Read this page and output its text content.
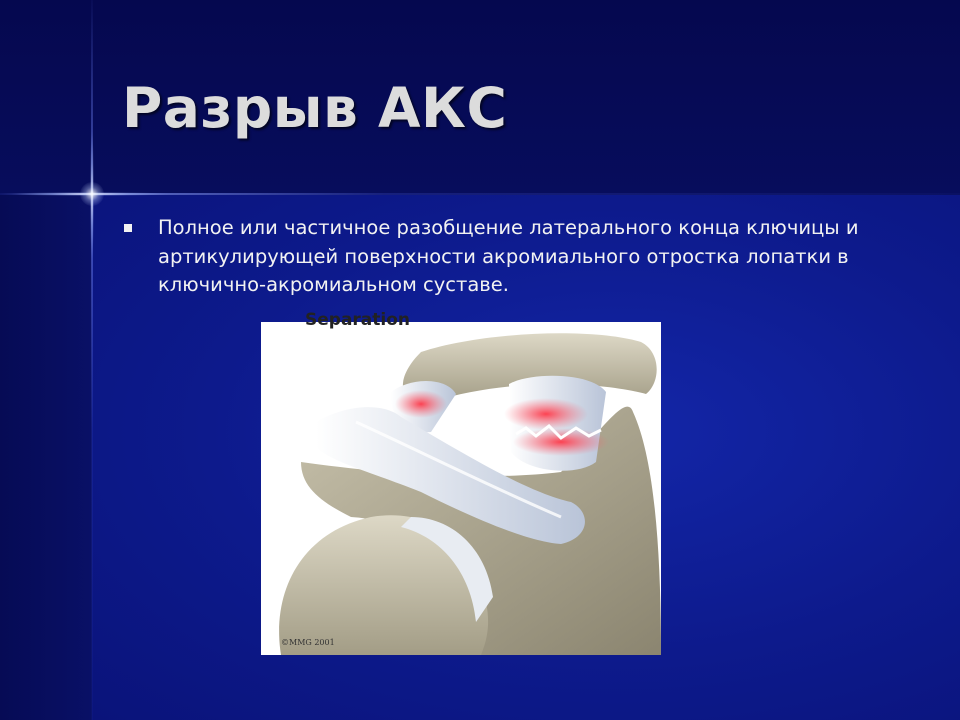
Разрыв АКС

Полное или частичное разобщение латерального конца ключицы и артикулирующей поверхности акромиального отростка лопатки в ключично-акромиальном суставе.

Separation
©MMG 2001
